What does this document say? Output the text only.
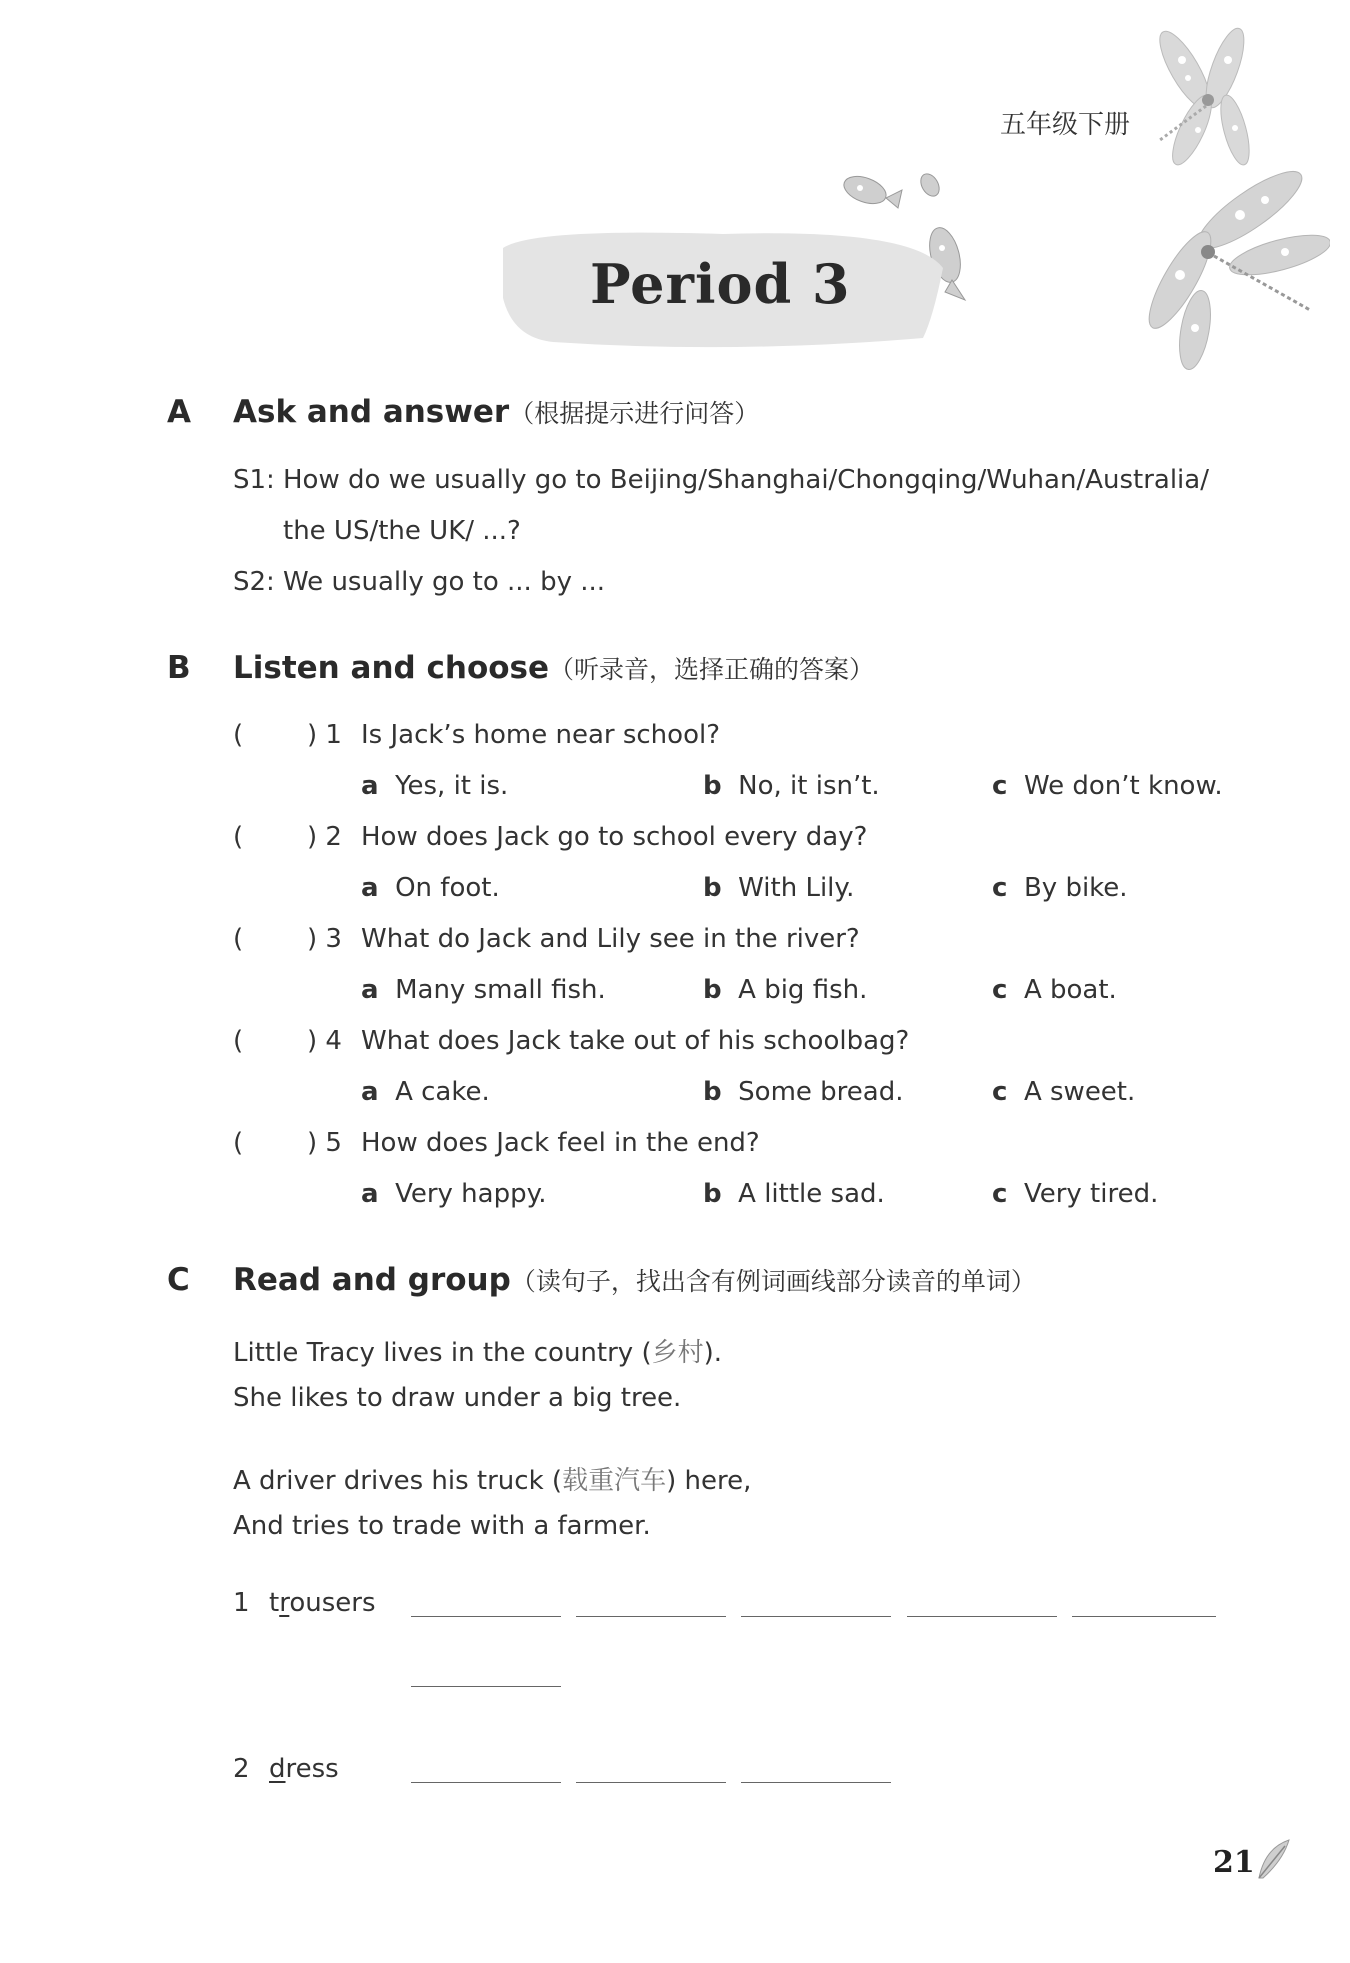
五年级下册
Period 3
A Ask and answer（根据提示进行问答）
S1: How do we usually go to Beijing/Shanghai/Chongqing/Wuhan/Australia/
the US/the UK/ ...?
S2: We usually go to ... by ...
B Listen and choose（听录音，选择正确的答案）
( ) 1 Is Jack’s home near school?
a Yes, it is.	b No, it isn’t.	c We don’t know.
( ) 2 How does Jack go to school every day?
a On foot.	b With Lily.	c By bike.
( ) 3 What do Jack and Lily see in the river?
a Many small fish.	b A big fish.	c A boat.
( ) 4 What does Jack take out of his schoolbag?
a A cake.	b Some bread.	c A sweet.
( ) 5 How does Jack feel in the end?
a Very happy.	b A little sad.	c Very tired.
C Read and group（读句子，找出含有例词画线部分读音的单词）
Little Tracy lives in the country (乡村).
She likes to draw under a big tree.
A driver drives his truck (载重汽车) here,
And tries to trade with a farmer.
1 trousers
2 dress
21
